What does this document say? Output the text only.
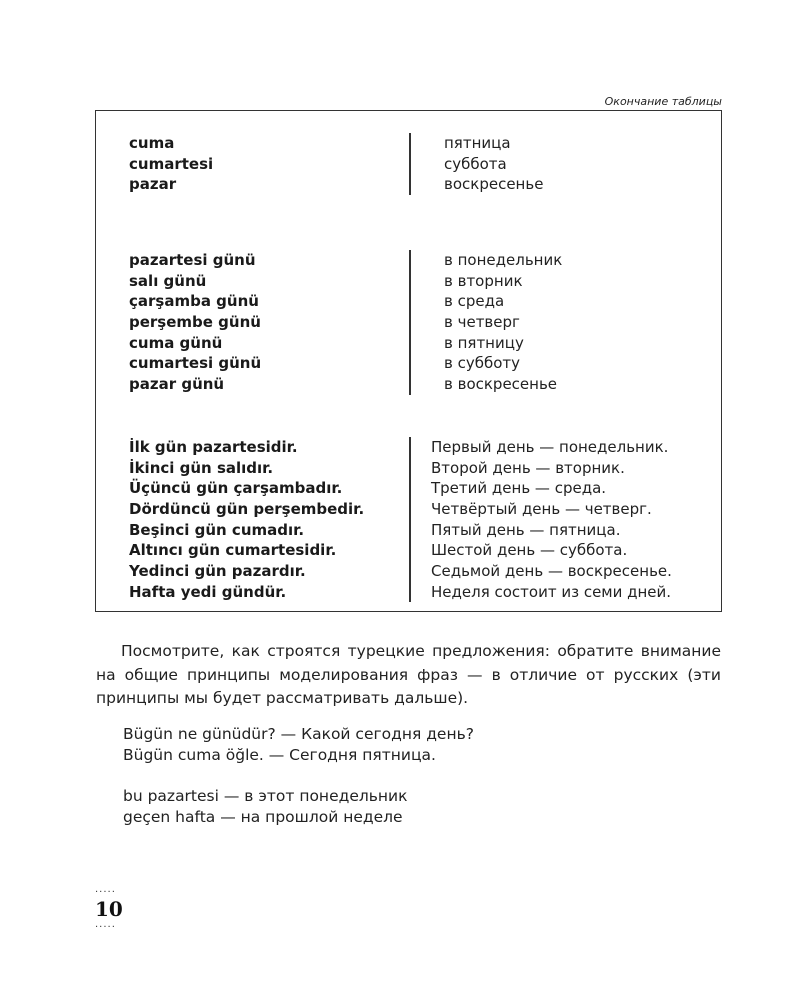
Окончание таблицы
cuma	пятница
cumartesi	суббота
pazar	воскресенье
pazartesi günü	в понедельник
salı günü	в вторник
çarşamba günü	в среда
perşembe günü	в четверг
cuma günü	в пятницу
cumartesi günü	в субботу
pazar günü	в воскресенье
İlk gün pazartesidir.	Первый день — понедельник.
İkinci gün salıdır.	Второй день — вторник.
Üçüncü gün çarşambadır.	Третий день — среда.
Dördüncü gün perşembedir.	Четвёртый день — четверг.
Beşinci gün cumadır.	Пятый день — пятница.
Altıncı gün cumartesidir.	Шестой день — суббота.
Yedinci gün pazardır.	Седьмой день — воскресенье.
Hafta yedi gündür.	Неделя состоит из семи дней.
Посмотрите, как строятся турецкие предложения: обратите внимание на общие принципы моделирования фраз — в отличие от русских (эти принципы мы будет рассматривать дальше).
Bügün ne günüdür? — Какой сегодня день?
Bügün cuma öğle. — Сегодня пятница.
bu pazartesi — в этот понедельник
geçen hafta — на прошлой неделе
·····
10
·····
